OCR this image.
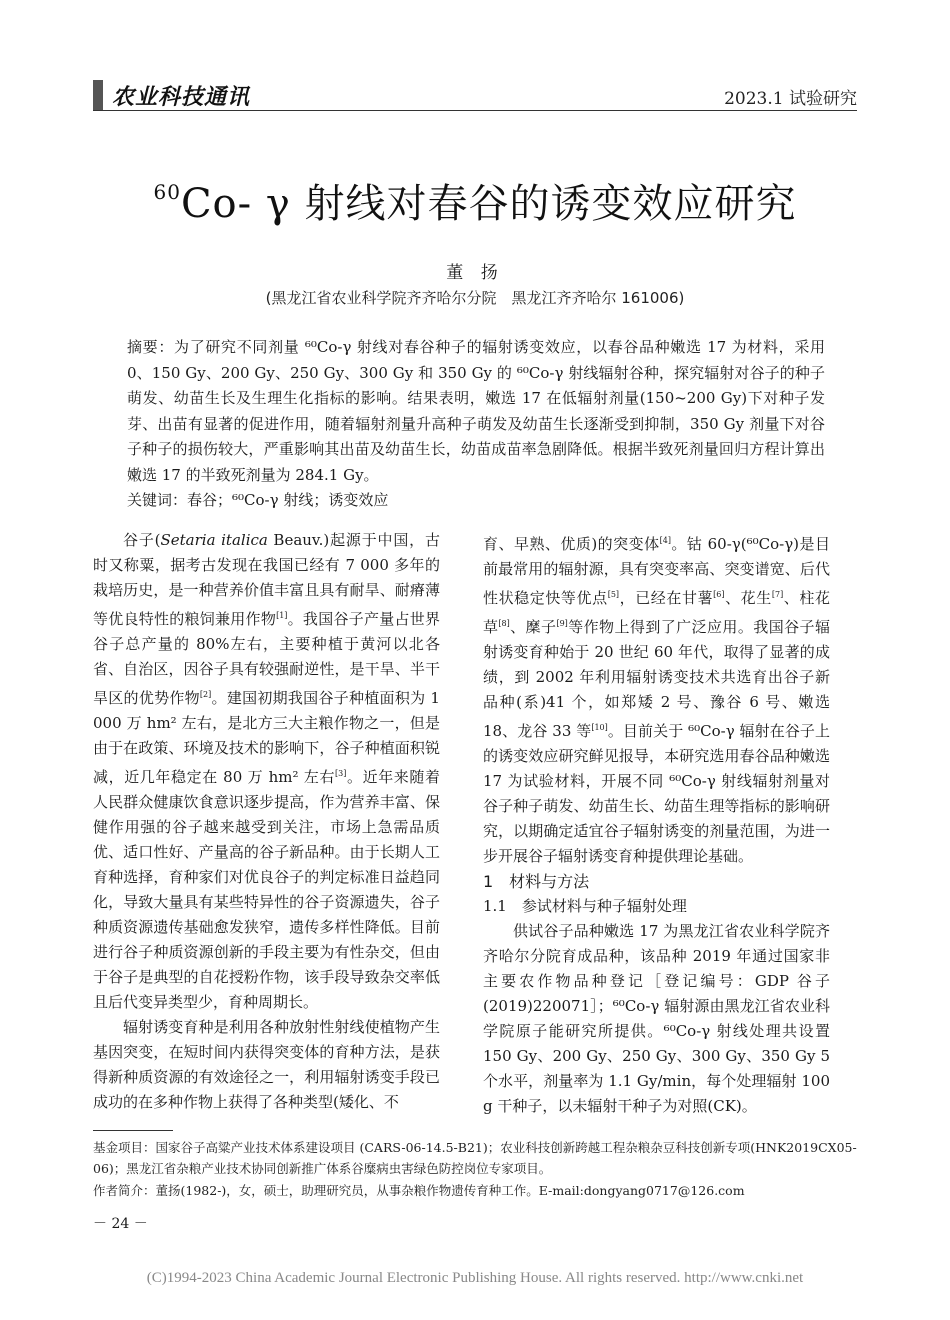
农业科技通讯	2023.1 试验研究
$^{60}$Co- γ 射线对春谷的诱变效应研究
董 扬
(黑龙江省农业科学院齐齐哈尔分院　黑龙江齐齐哈尔 161006)
摘要：为了研究不同剂量 ⁶⁰Co-γ 射线对春谷种子的辐射诱变效应，以春谷品种嫩选 17 为材料，采用 0、150 Gy、200 Gy、250 Gy、300 Gy 和 350 Gy 的 ⁶⁰Co-γ 射线辐射谷种，探究辐射对谷子的种子萌发、幼苗生长及生理生化指标的影响。结果表明，嫩选 17 在低辐射剂量(150~200 Gy)下对种子发芽、出苗有显著的促进作用，随着辐射剂量升高种子萌发及幼苗生长逐渐受到抑制，350 Gy 剂量下对谷子种子的损伤较大，严重影响其出苗及幼苗生长，幼苗成苗率急剧降低。根据半致死剂量回归方程计算出嫩选 17 的半致死剂量为 284.1 Gy。
关键词：春谷；⁶⁰Co-γ 射线；诱变效应

谷子(Setaria italica Beauv.)起源于中国，古时又称粟，据考古发现在我国已经有 7 000 多年的栽培历史，是一种营养价值丰富且具有耐旱、耐瘠薄等优良特性的粮饲兼用作物[1]。我国谷子产量占世界谷子总产量的 80%左右，主要种植于黄河以北各省、自治区，因谷子具有较强耐逆性，是干旱、半干旱区的优势作物[2]。建国初期我国谷子种植面积为 1 000 万 hm² 左右，是北方三大主粮作物之一，但是由于在政策、环境及技术的影响下，谷子种植面积锐减，近几年稳定在 80 万 hm² 左右[3]。近年来随着人民群众健康饮食意识逐步提高，作为营养丰富、保健作用强的谷子越来越受到关注，市场上急需品质优、适口性好、产量高的谷子新品种。由于长期人工育种选择，育种家们对优良谷子的判定标准日益趋同化，导致大量具有某些特异性的谷子资源遗失，谷子种质资源遗传基础愈发狭窄，遗传多样性降低。目前进行谷子种质资源创新的手段主要为有性杂交，但由于谷子是典型的自花授粉作物，该手段导致杂交率低且后代变异类型少，育种周期长。

辐射诱变育种是利用各种放射性射线使植物产生基因突变，在短时间内获得突变体的育种方法，是获得新种质资源的有效途径之一，利用辐射诱变手段已成功的在多种作物上获得了各种类型(矮化、不

育、早熟、优质)的突变体[4]。钴 60-γ(⁶⁰Co-γ)是目前最常用的辐射源，具有突变率高、突变谱宽、后代性状稳定快等优点[5]，已经在甘薯[6]、花生[7]、柱花草[8]、穈子[9]等作物上得到了广泛应用。我国谷子辐射诱变育种始于 20 世纪 60 年代，取得了显著的成绩，到 2002 年利用辐射诱变技术共选育出谷子新品种(系)41 个，如郑矮 2 号、豫谷 6 号、嫩选 18、龙谷 33 等[10]。目前关于 ⁶⁰Co-γ 辐射在谷子上的诱变效应研究鲜见报导，本研究选用春谷品种嫩选 17 为试验材料，开展不同 ⁶⁰Co-γ 射线辐射剂量对谷子种子萌发、幼苗生长、幼苗生理等指标的影响研究，以期确定适宜谷子辐射诱变的剂量范围，为进一步开展谷子辐射诱变育种提供理论基础。

1　材料与方法
1.1　参试材料与种子辐射处理

供试谷子品种嫩选 17 为黑龙江省农业科学院齐齐哈尔分院育成品种，该品种 2019 年通过国家非主要农作物品种登记［登记编号：GDP 谷子(2019)220071］；⁶⁰Co-γ 辐射源由黑龙江省农业科学院原子能研究所提供。⁶⁰Co-γ 射线处理共设置 150 Gy、200 Gy、250 Gy、300 Gy、350 Gy 5 个水平，剂量率为 1.1 Gy/min，每个处理辐射 100 g 干种子，以未辐射干种子为对照(CK)。

基金项目：国家谷子高粱产业技术体系建设项目 (CARS-06-14.5-B21)；农业科技创新跨越工程杂粮杂豆科技创新专项(HNK2019CX05-06)；黑龙江省杂粮产业技术协同创新推广体系谷糜病虫害绿色防控岗位专家项目。
作者简介：董扬(1982-)，女，硕士，助理研究员，从事杂粮作物遗传育种工作。E-mail:dongyang0717@126.com
－ 24 －
(C)1994-2023 China Academic Journal Electronic Publishing House. All rights reserved. http://www.cnki.net
